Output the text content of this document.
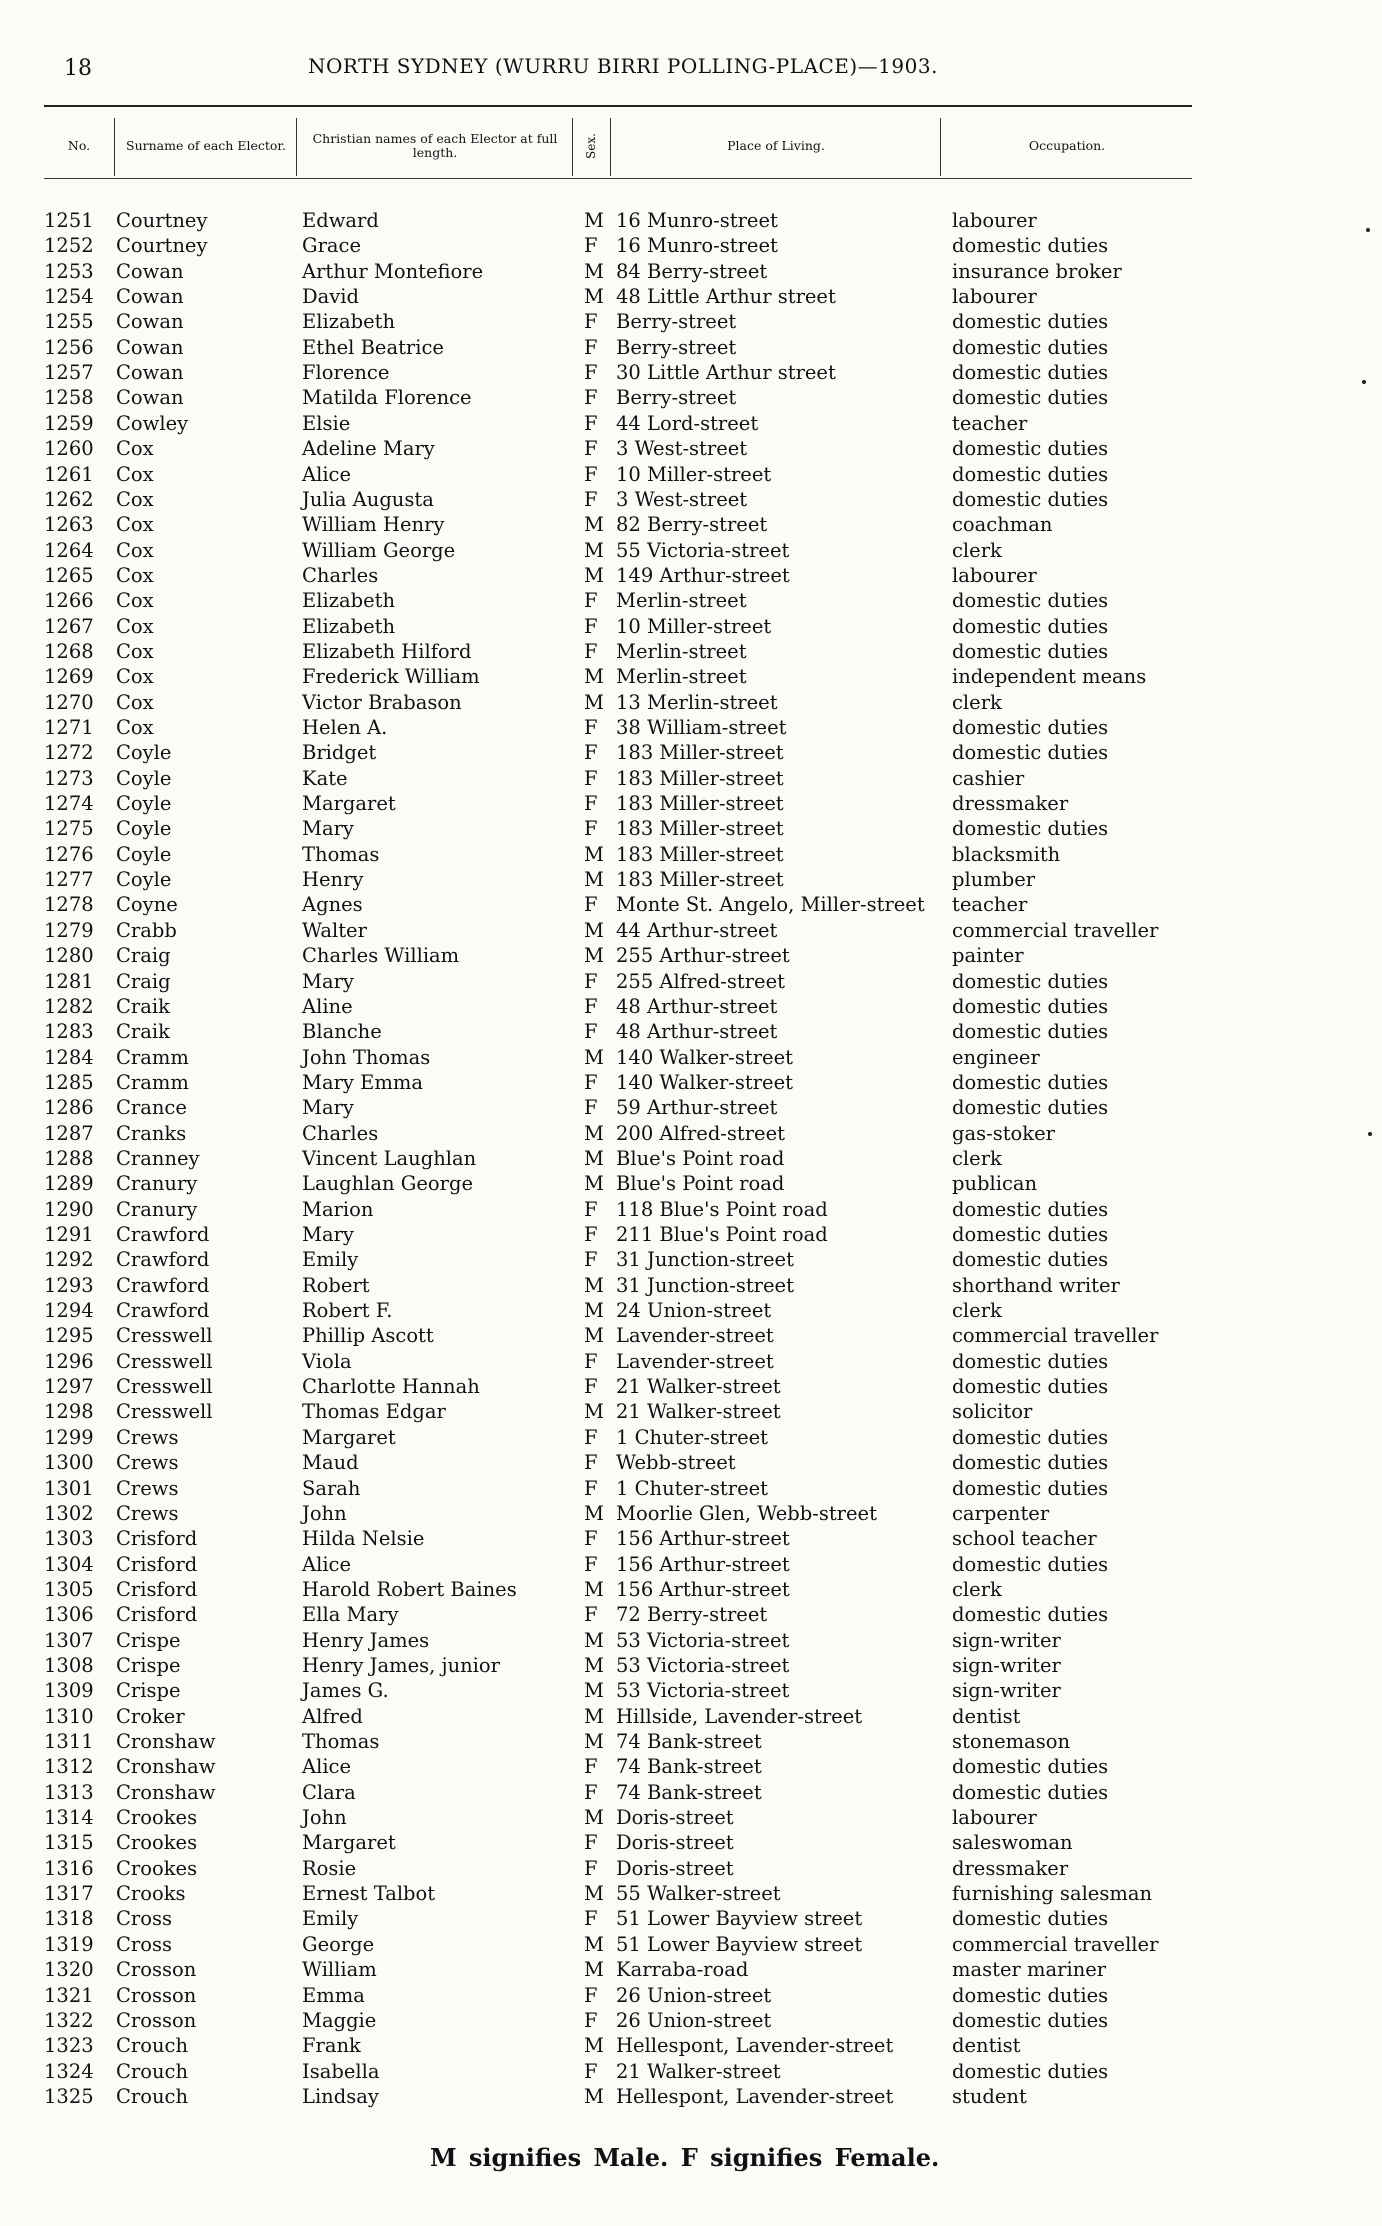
18	NORTH SYDNEY (WURRU BIRRI POLLING-PLACE)—1903.
No.	Surname of each Elector.	Christian names of each Elector at full length.	Sex.	Place of Living.	Occupation.
1251 Courtney	Edward	M 16 Munro-street	labourer
1252 Courtney	Grace	F 16 Munro-street	domestic duties
1253 Cowan	Arthur Montefiore	M 84 Berry-street	insurance broker
1254 Cowan	David	M 48 Little Arthur street	labourer
1255 Cowan	Elizabeth	F Berry-street	domestic duties
1256 Cowan	Ethel Beatrice	F Berry-street	domestic duties
1257 Cowan	Florence	F 30 Little Arthur street	domestic duties
1258 Cowan	Matilda Florence	F Berry-street	domestic duties
1259 Cowley	Elsie	F 44 Lord-street	teacher
1260 Cox	Adeline Mary	F 3 West-street	domestic duties
1261 Cox	Alice	F 10 Miller-street	domestic duties
1262 Cox	Julia Augusta	F 3 West-street	domestic duties
1263 Cox	William Henry	M 82 Berry-street	coachman
1264 Cox	William George	M 55 Victoria-street	clerk
1265 Cox	Charles	M 149 Arthur-street	labourer
1266 Cox	Elizabeth	F Merlin-street	domestic duties
1267 Cox	Elizabeth	F 10 Miller-street	domestic duties
1268 Cox	Elizabeth Hilford	F Merlin-street	domestic duties
1269 Cox	Frederick William	M Merlin-street	independent means
1270 Cox	Victor Brabason	M 13 Merlin-street	clerk
1271 Cox	Helen A.	F 38 William-street	domestic duties
1272 Coyle	Bridget	F 183 Miller-street	domestic duties
1273 Coyle	Kate	F 183 Miller-street	cashier
1274 Coyle	Margaret	F 183 Miller-street	dressmaker
1275 Coyle	Mary	F 183 Miller-street	domestic duties
1276 Coyle	Thomas	M 183 Miller-street	blacksmith
1277 Coyle	Henry	M 183 Miller-street	plumber
1278 Coyne	Agnes	F Monte St. Angelo, Miller-street teacher
1279 Crabb	Walter	M 44 Arthur-street	commercial traveller
1280 Craig	Charles William	M 255 Arthur-street	painter
1281 Craig	Mary	F 255 Alfred-street	domestic duties
1282 Craik	Aline	F 48 Arthur-street	domestic duties
1283 Craik	Blanche	F 48 Arthur-street	domestic duties
1284 Cramm	John Thomas	M 140 Walker-street	engineer
1285 Cramm	Mary Emma	F 140 Walker-street	domestic duties
1286 Crance	Mary	F 59 Arthur-street	domestic duties
1287 Cranks	Charles	M 200 Alfred-street	gas-stoker
1288 Cranney	Vincent Laughlan	M Blue's Point road	clerk
1289 Cranury	Laughlan George	M Blue's Point road	publican
1290 Cranury	Marion	F 118 Blue's Point road	domestic duties
1291 Crawford	Mary	F 211 Blue's Point road	domestic duties
1292 Crawford	Emily	F 31 Junction-street	domestic duties
1293 Crawford	Robert	M 31 Junction-street	shorthand writer
1294 Crawford	Robert F.	M 24 Union-street	clerk
1295 Cresswell	Phillip Ascott	M Lavender-street	commercial traveller
1296 Cresswell	Viola	F Lavender-street	domestic duties
1297 Cresswell	Charlotte Hannah	F 21 Walker-street	domestic duties
1298 Cresswell	Thomas Edgar	M 21 Walker-street	solicitor
1299 Crews	Margaret	F 1 Chuter-street	domestic duties
1300 Crews	Maud	F Webb-street	domestic duties
1301 Crews	Sarah	F 1 Chuter-street	domestic duties
1302 Crews	John	M Moorlie Glen, Webb-street	carpenter
1303 Crisford	Hilda Nelsie	F 156 Arthur-street	school teacher
1304 Crisford	Alice	F 156 Arthur-street	domestic duties
1305 Crisford	Harold Robert Baines	M 156 Arthur-street	clerk
1306 Crisford	Ella Mary	F 72 Berry-street	domestic duties
1307 Crispe	Henry James	M 53 Victoria-street	sign-writer
1308 Crispe	Henry James, junior	M 53 Victoria-street	sign-writer
1309 Crispe	James G.	M 53 Victoria-street	sign-writer
1310 Croker	Alfred	M Hillside, Lavender-street	dentist
1311 Cronshaw	Thomas	M 74 Bank-street	stonemason
1312 Cronshaw	Alice	F 74 Bank-street	domestic duties
1313 Cronshaw	Clara	F 74 Bank-street	domestic duties
1314 Crookes	John	M Doris-street	labourer
1315 Crookes	Margaret	F Doris-street	saleswoman
1316 Crookes	Rosie	F Doris-street	dressmaker
1317 Crooks	Ernest Talbot	M 55 Walker-street	furnishing salesman
1318 Cross	Emily	F 51 Lower Bayview street	domestic duties
1319 Cross	George	M 51 Lower Bayview street	commercial traveller
1320 Crosson	William	M Karraba-road	master mariner
1321 Crosson	Emma	F 26 Union-street	domestic duties
1322 Crosson	Maggie	F 26 Union-street	domestic duties
1323 Crouch	Frank	M Hellespont, Lavender-street	dentist
1324 Crouch	Isabella	F 21 Walker-street	domestic duties
1325 Crouch	Lindsay	M Hellespont, Lavender-street	student
M signifies Male. F signifies Female.
